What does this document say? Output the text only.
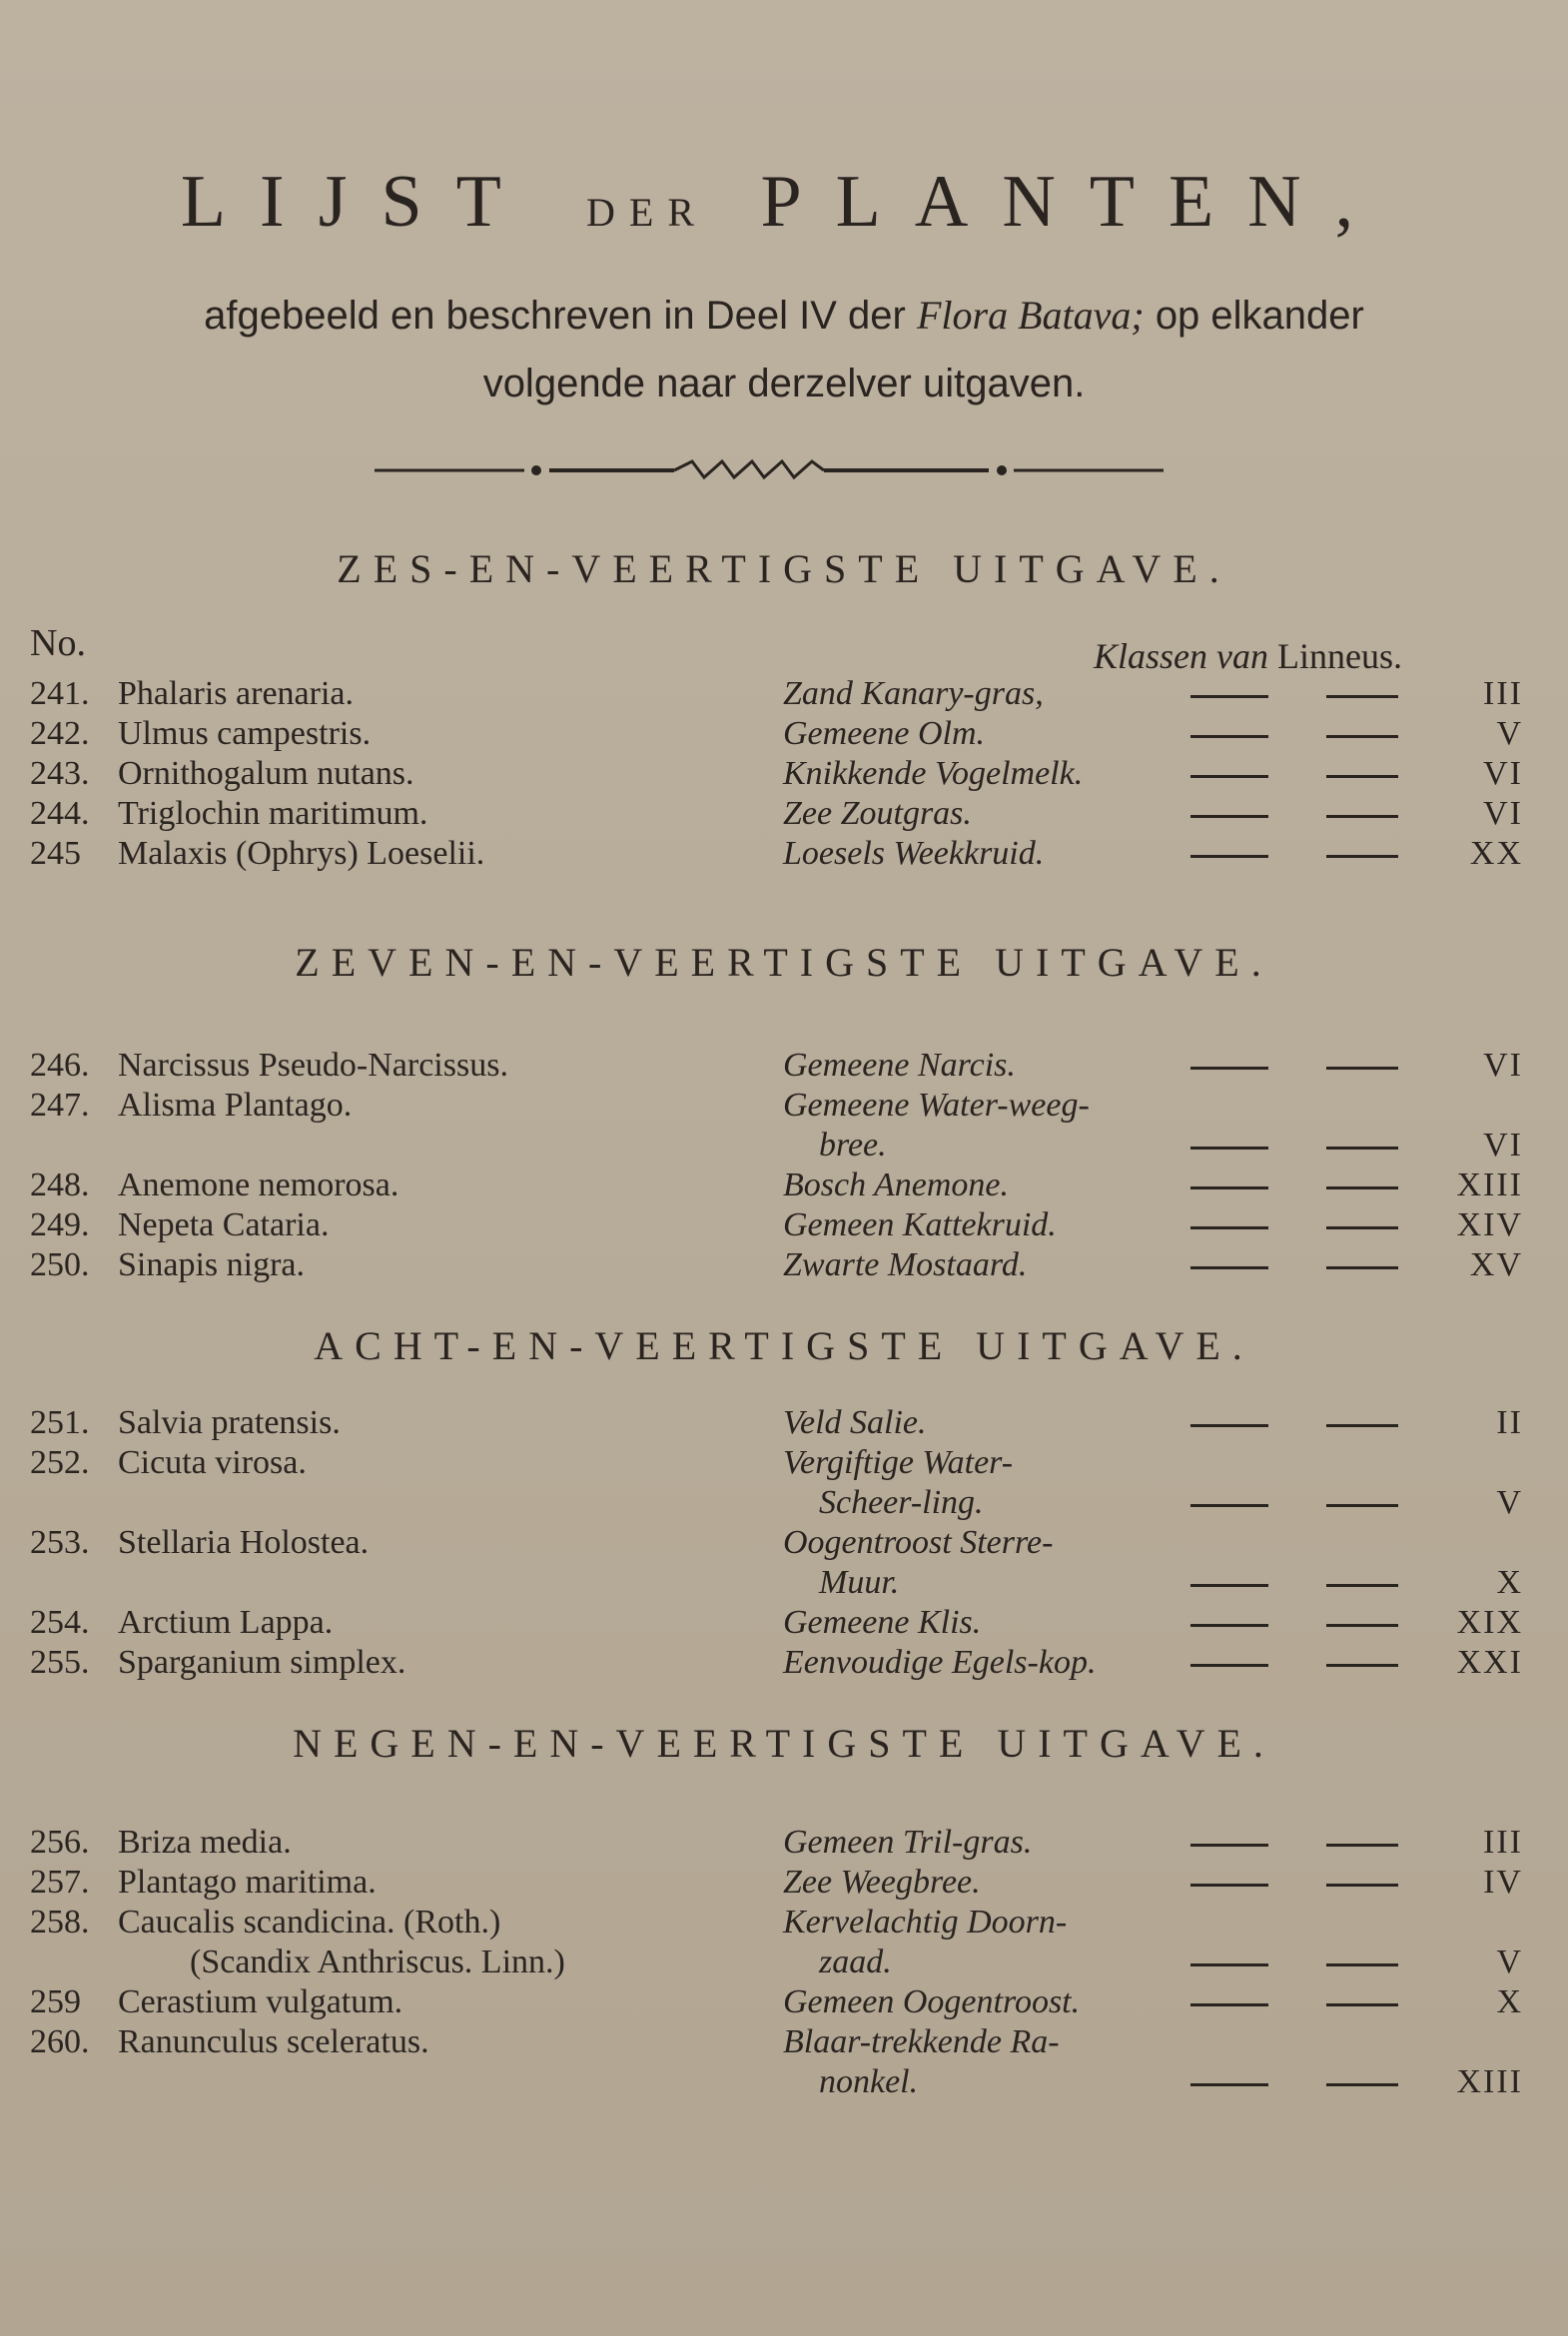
LIJST DER PLANTEN,
afgebeeld en beschreven in Deel IV der Flora Batava; op elkander
volgende naar derzelver uitgaven.
No.	Klassen van Linneus.
ZES-EN-VEERTIGSTE UITGAVE.
241. Phalaris arenaria.	Zand Kanary-gras,	III
242. Ulmus campestris.	Gemeene Olm.	V
243. Ornithogalum nutans.	Knikkende Vogelmelk.	VI
244. Triglochin maritimum.	Zee Zoutgras.	VI
245	Malaxis (Ophrys) Loeselii.	Loesels Weekkruid.	XX
ZEVEN-EN-VEERTIGSTE UITGAVE.
246. Narcissus Pseudo-Narcissus.	Gemeene Narcis.	VI
247. Alisma Plantago.	Gemeene Water-weeg-
bree.	VI
248. Anemone nemorosa.	Bosch Anemone.	XIII
249. Nepeta Cataria.	Gemeen Kattekruid.	XIV
250. Sinapis nigra.	Zwarte Mostaard.	XV
ACHT-EN-VEERTIGSTE UITGAVE.
251. Salvia pratensis.	Veld Salie.	II
252. Cicuta virosa.	Vergiftige Water-
Scheer-ling.	V
253. Stellaria Holostea.	Oogentroost Sterre-
Muur.	X
254. Arctium Lappa.	Gemeene Klis.	XIX
255. Sparganium simplex.	Eenvoudige Egels-kop.	XXI
NEGEN-EN-VEERTIGSTE UITGAVE.
256. Briza media.	Gemeen Tril-gras.	III
257. Plantago maritima.	Zee Weegbree.	IV
258. Caucalis scandicina. (Roth.)	Kervelachtig Doorn-
(Scandix Anthriscus. Linn.)	zaad.	V
259	Cerastium vulgatum.	Gemeen Oogentroost.	X
260. Ranunculus sceleratus.	Blaar-trekkende Ra-
nonkel.	XIII
